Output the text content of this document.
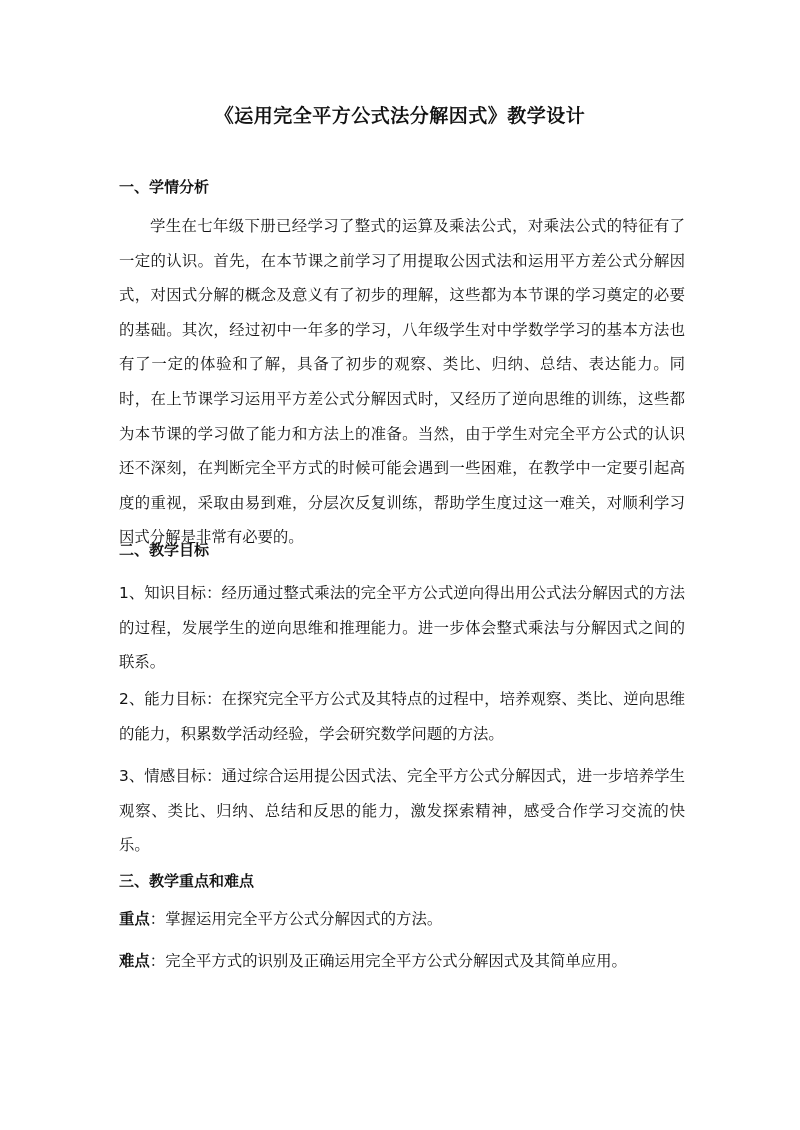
《运用完全平方公式法分解因式》教学设计
一、学情分析
学生在七年级下册已经学习了整式的运算及乘法公式，对乘法公式的特征有了一定的认识。首先，在本节课之前学习了用提取公因式法和运用平方差公式分解因式，对因式分解的概念及意义有了初步的理解，这些都为本节课的学习奠定的必要的基础。其次，经过初中一年多的学习，八年级学生对中学数学学习的基本方法也有了一定的体验和了解，具备了初步的观察、类比、归纳、总结、表达能力。同时，在上节课学习运用平方差公式分解因式时，又经历了逆向思维的训练，这些都为本节课的学习做了能力和方法上的准备。当然，由于学生对完全平方公式的认识还不深刻，在判断完全平方式的时候可能会遇到一些困难，在教学中一定要引起高度的重视，采取由易到难，分层次反复训练，帮助学生度过这一难关，对顺利学习因式分解是非常有必要的。
二、教学目标
1、知识目标：经历通过整式乘法的完全平方公式逆向得出用公式法分解因式的方法的过程，发展学生的逆向思维和推理能力。进一步体会整式乘法与分解因式之间的联系。
2、能力目标：在探究完全平方公式及其特点的过程中，培养观察、类比、逆向思维的能力，积累数学活动经验，学会研究数学问题的方法。
3、情感目标：通过综合运用提公因式法、完全平方公式分解因式，进一步培养学生观察、类比、归纳、总结和反思的能力，激发探索精神，感受合作学习交流的快乐。
三、教学重点和难点
重点：掌握运用完全平方公式分解因式的方法。
难点：完全平方式的识别及正确运用完全平方公式分解因式及其简单应用。
